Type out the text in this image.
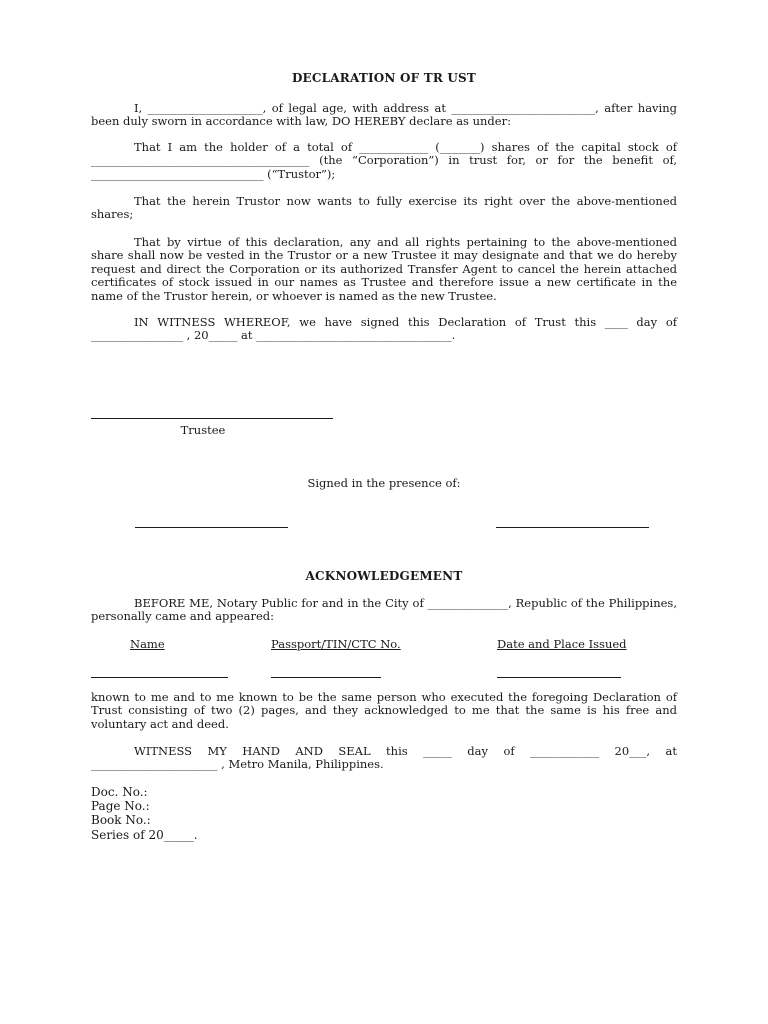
DECLARATION OF TR UST
I, ____________________, of legal age, with address at _________________________, after having been duly sworn in accordance with law, DO HEREBY declare as under:
That I am the holder of a total of ____________ (_______) shares of the capital stock of ______________________________________ (the “Corporation”) in trust for, or for the benefit of, ______________________________ (“Trustor”);
That the herein Trustor now wants to fully exercise its right over the above-mentioned shares;
That by virtue of this declaration, any and all rights pertaining to the above-mentioned share shall now be vested in the Trustor or a new Trustee it may designate and that we do hereby request and direct the Corporation or its authorized Transfer Agent to cancel the herein attached certificates of stock issued in our names as Trustee and therefore issue a new certificate in the name of the Trustor herein, or whoever is named as the new Trustee.
IN WITNESS WHEREOF, we have signed this Declaration of Trust this ____ day of ________________ , 20_____ at __________________________________.
Trustee
Signed in the presence of:
ACKNOWLEDGEMENT
BEFORE ME, Notary Public for and in the City of ______________, Republic of the Philippines, personally came and appeared:
Name	Passport/TIN/CTC No.	Date and Place Issued
known to me and to me known to be the same person who executed the foregoing Declaration of Trust consisting of two (2) pages, and they acknowledged to me that the same is his free and voluntary act and deed.
WITNESS MY HAND AND SEAL this _____ day of ____________ 20___, at ______________________ , Metro Manila, Philippines.
Doc. No.:
Page No.:
Book No.:
Series of 20_____.
